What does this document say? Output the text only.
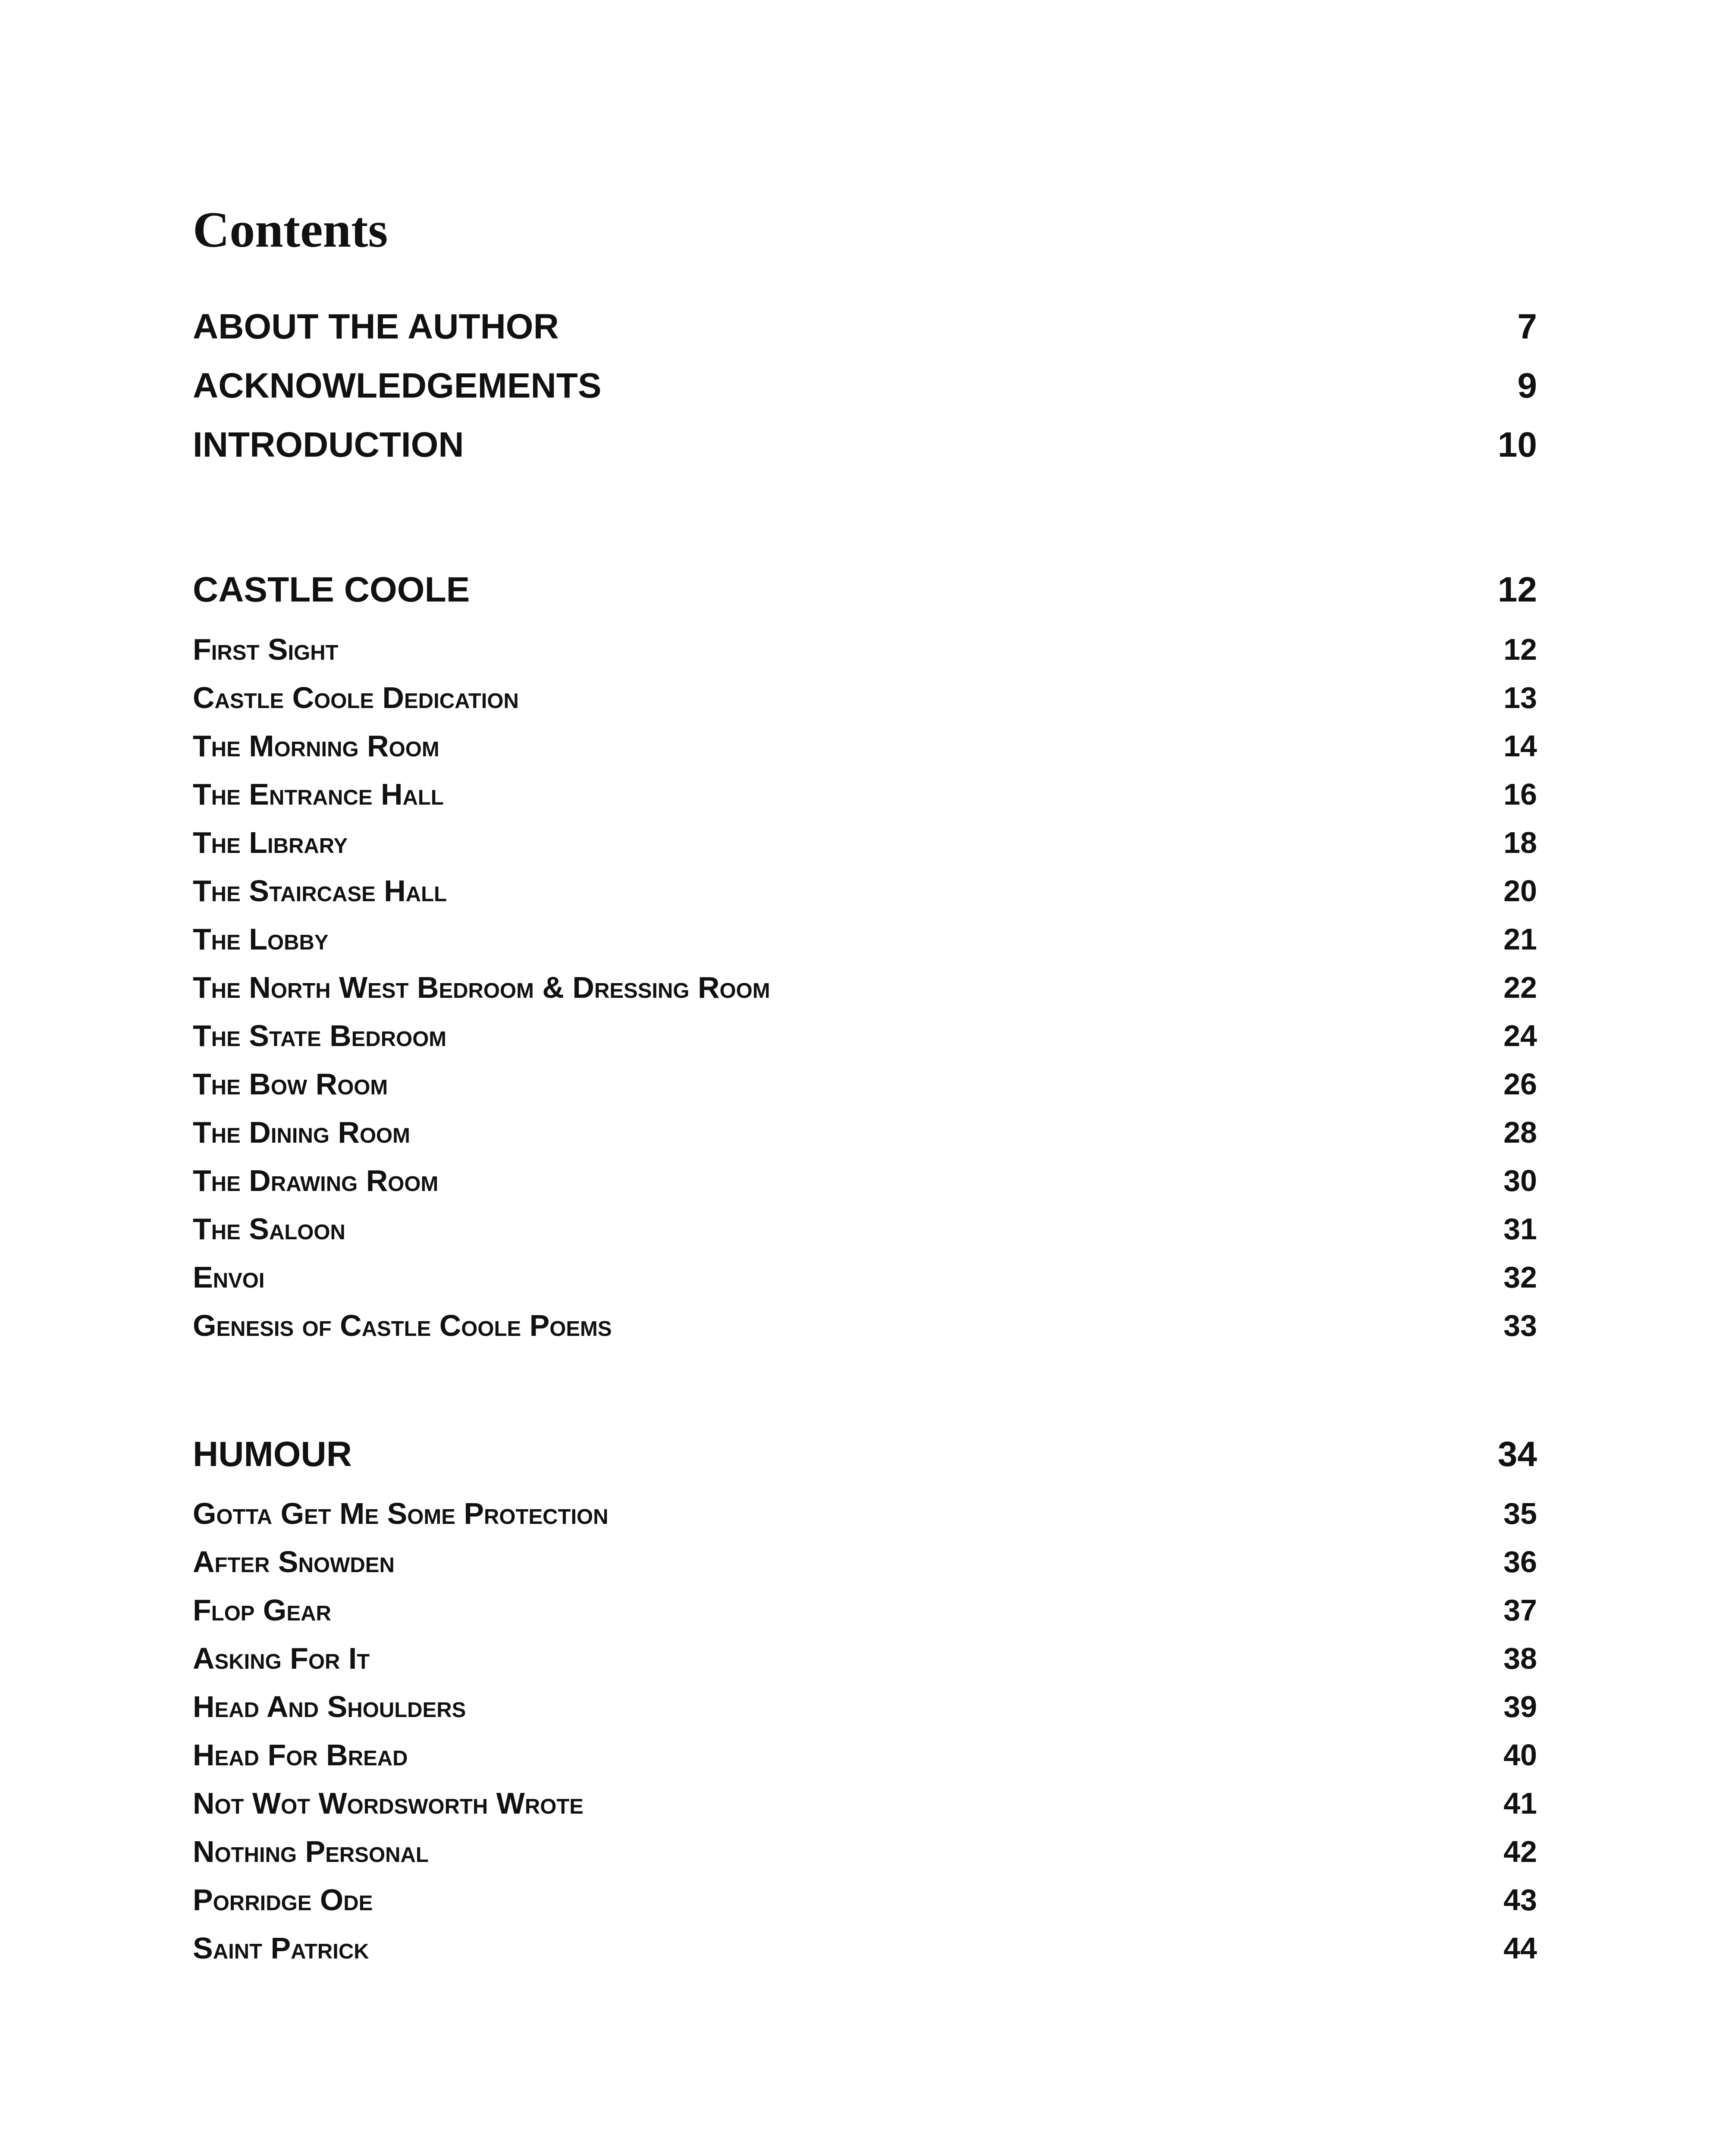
Contents
ABOUT THE AUTHOR	7
ACKNOWLEDGEMENTS	9
INTRODUCTION	10
CASTLE COOLE	12
First Sight	12
Castle Coole Dedication	13
The Morning Room	14
The Entrance Hall	16
The Library	18
The Staircase Hall	20
The Lobby	21
The North West Bedroom & Dressing Room	22
The State Bedroom	24
The Bow Room	26
The Dining Room	28
The Drawing Room	30
The Saloon	31
Envoi	32
Genesis of Castle Coole Poems	33
HUMOUR	34
Gotta Get Me Some Protection	35
After Snowden	36
Flop Gear	37
Asking For It	38
Head And Shoulders	39
Head For Bread	40
Not Wot Wordsworth Wrote	41
Nothing Personal	42
Porridge Ode	43
Saint Patrick	44
